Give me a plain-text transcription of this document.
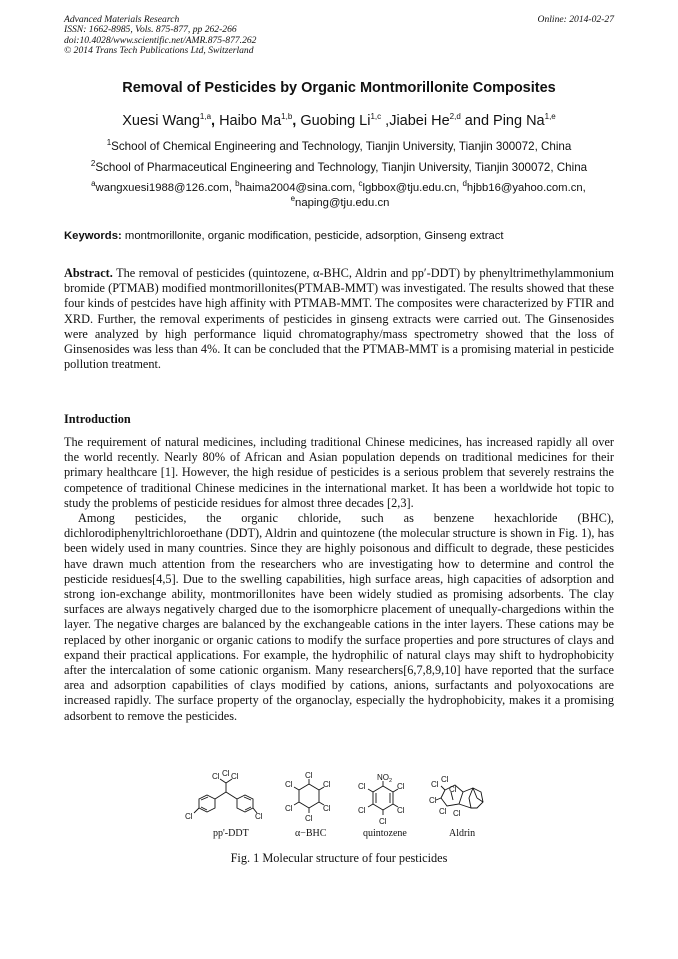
Advanced Materials Research
ISSN: 1662-8985, Vols. 875-877, pp 262-266
doi:10.4028/www.scientific.net/AMR.875-877.262
© 2014 Trans Tech Publications Ltd, Switzerland
Online: 2014-02-27
Removal of Pesticides by Organic Montmorillonite Composites
Xuesi Wang$^{1,a}$, Haibo Ma$^{1,b}$, Guobing Li$^{1,c}$ ,Jiabei He$^{2,d}$ and Ping Na$^{1,e}$
$^1$School of Chemical Engineering and Technology, Tianjin University, Tianjin 300072, China
$^2$School of Pharmaceutical Engineering and Technology, Tianjin University, Tianjin 300072, China
$^a$wangxuesi1988@126.com, $^b$haima2004@sina.com, $^c$lgbbox@tju.edu.cn, $^d$hjbb16@yahoo.com.cn,
$^e$naping@tju.edu.cn
Keywords: montmorillonite, organic modification, pesticide, adsorption, Ginseng extract
Abstract. The removal of pesticides (quintozene, α-BHC, Aldrin and pp′-DDT) by phenyltrimethylammonium bromide (PTMAB) modified montmorillonites(PTMAB-MMT) was investigated. The results showed that these four kinds of pestcides have high affinity with PTMAB-MMT. The composites were characterized by FTIR and XRD. Further, the removal experiments of pesticides in ginseng extracts were carried out. The Ginsenosides were analyzed by high performance liquid chromatography/mass spectrometry showed that the loss of Ginsenosides was less than 4%. It can be concluded that the PTMAB-MMT is a promising material in pesticide pollution treatment.
Introduction

The requirement of natural medicines, including traditional Chinese medicines, has increased rapidly all over the world recently. Nearly 80% of African and Asian population depends on traditional medicines for their primary healthcare [1]. However, the high residue of pesticides is a serious problem that severely restrains the competence of traditional Chinese medicines in the international market. It has been a worldwide hot topic to study the problems of pesticide residues for almost three decades [2,3].

Among pesticides, the organic chloride, such as benzene hexachloride (BHC), dichlorodiphenyltrichloroethane (DDT), Aldrin and quintozene (the molecular structure is shown in Fig. 1), has been widely used in many countries. Since they are highly poisonous and difficult to degrade, these pesticides have drawn much attention from the researchers who are investigating how to determine and control the pesticide residues[4,5]. Due to the swelling capabilities, high surface areas, high capacities of adsorption and strong ion-exchange ability, montmorillonites have been widely studied as promising adsorbents. The clay surfaces are always negatively charged due to the isomorphicre placement of unequally-chargedions within the layer. The negative charges are balanced by the exchangeable cations in the inter layers. These cations may be replaced by other inorganic or organic cations to modify the surface properties and pore structures of clays and expand their practical applications. For example, the hydrophilic of natural clays may shift to hydrophobicity after the intercalation of some cationic organism. Many researchers[6,7,8,9,10] have reported that the surface area and adsorption capabilities of clays modified by cations, anions, surfactants and polyoxocations are increased rapidly. The surface property of the organoclay, especially the hydrophobicity, makes it a promising adsorbent to remove the pesticides.

Cl Cl Cl
Cl	Cl
Cl
Cl
Cl
Cl
Cl
Cl
$NO_2$
Cl
Cl
Cl
Cl
Cl	Cl
Cl
Cl
Cl
Cl Cl
pp'-DDT	α−BHC	quintozene	Aldrin
Fig. 1 Molecular structure of four pesticides
